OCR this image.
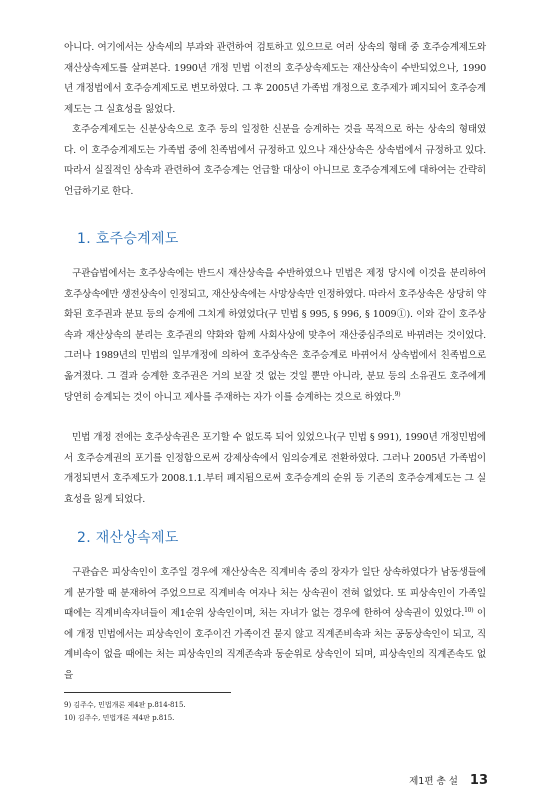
아니다. 여기에서는 상속세의 부과와 관련하여 검토하고 있으므로 여러 상속의 형태 중 호주승계제도와 재산상속제도를 살펴본다. 1990년 개정 민법 이전의 호주상속제도는 재산상속이 수반되었으나, 1990년 개정법에서 호주승계제도로 변모하였다. 그 후 2005년 가족법 개정으로 호주제가 폐지되어 호주승계제도는 그 실효성을 잃었다.

호주승계제도는 신분상속으로 호주 등의 일정한 신분을 승계하는 것을 목적으로 하는 상속의 형태였다. 이 호주승계제도는 가족법 중에 친족법에서 규정하고 있으나 재산상속은 상속법에서 규정하고 있다. 따라서 실질적인 상속과 관련하여 호주승계는 언급할 대상이 아니므로 호주승계제도에 대하여는 간략히 언급하기로 한다.

1. 호주승계제도

구관습법에서는 호주상속에는 반드시 재산상속을 수반하였으나 민법은 제정 당시에 이것을 분리하여 호주상속에만 생전상속이 인정되고, 재산상속에는 사망상속만 인정하였다. 따라서 호주상속은 상당히 약화된 호주권과 분묘 등의 승계에 그치게 하였었다(구 민법 § 995, § 996, § 1009①). 이와 같이 호주상속과 재산상속의 분리는 호주권의 약화와 함께 사회사상에 맞추어 재산중심주의로 바뀌려는 것이었다. 그러나 1989년의 민법의 일부개정에 의하여 호주상속은 호주승계로 바뀌어서 상속법에서 친족법으로 옮겨졌다. 그 결과 승계한 호주권은 거의 보잘 것 없는 것일 뿐만 아니라, 분묘 등의 소유권도 호주에게 당연히 승계되는 것이 아니고 제사를 주재하는 자가 이를 승계하는 것으로 하였다.$^{9)}$

민법 개정 전에는 호주상속권은 포기할 수 없도록 되어 있었으나(구 민법 § 991), 1990년 개정민법에서 호주승계권의 포기를 인정함으로써 강제상속에서 임의승계로 전환하였다. 그러나 2005년 가족법이 개정되면서 호주제도가 2008.1.1.부터 폐지됨으로써 호주승계의 순위 등 기존의 호주승계제도는 그 실효성을 잃게 되었다.

2. 재산상속제도

구관습은 피상속인이 호주일 경우에 재산상속은 직계비속 중의 장자가 일단 상속하였다가 남동생들에게 분가할 때 분재하여 주었으므로 직계비속 여자나 처는 상속권이 전혀 없었다. 또 피상속인이 가족일 때에는 직계비속자녀들이 제1순위 상속인이며, 처는 자녀가 없는 경우에 한하여 상속권이 있었다.$^{10)}$ 이에 개정 민법에서는 피상속인이 호주이건 가족이건 묻지 않고 직계존비속과 처는 공동상속인이 되고, 직계비속이 없을 때에는 처는 피상속인의 직계존속과 동순위로 상속인이 되며, 피상속인의 직계존속도 없을

9) 김주수, 민법개론 제4판 p.814-815.

10) 김주수, 민법개론 제4판 p.815.

제1편 총 설 13
